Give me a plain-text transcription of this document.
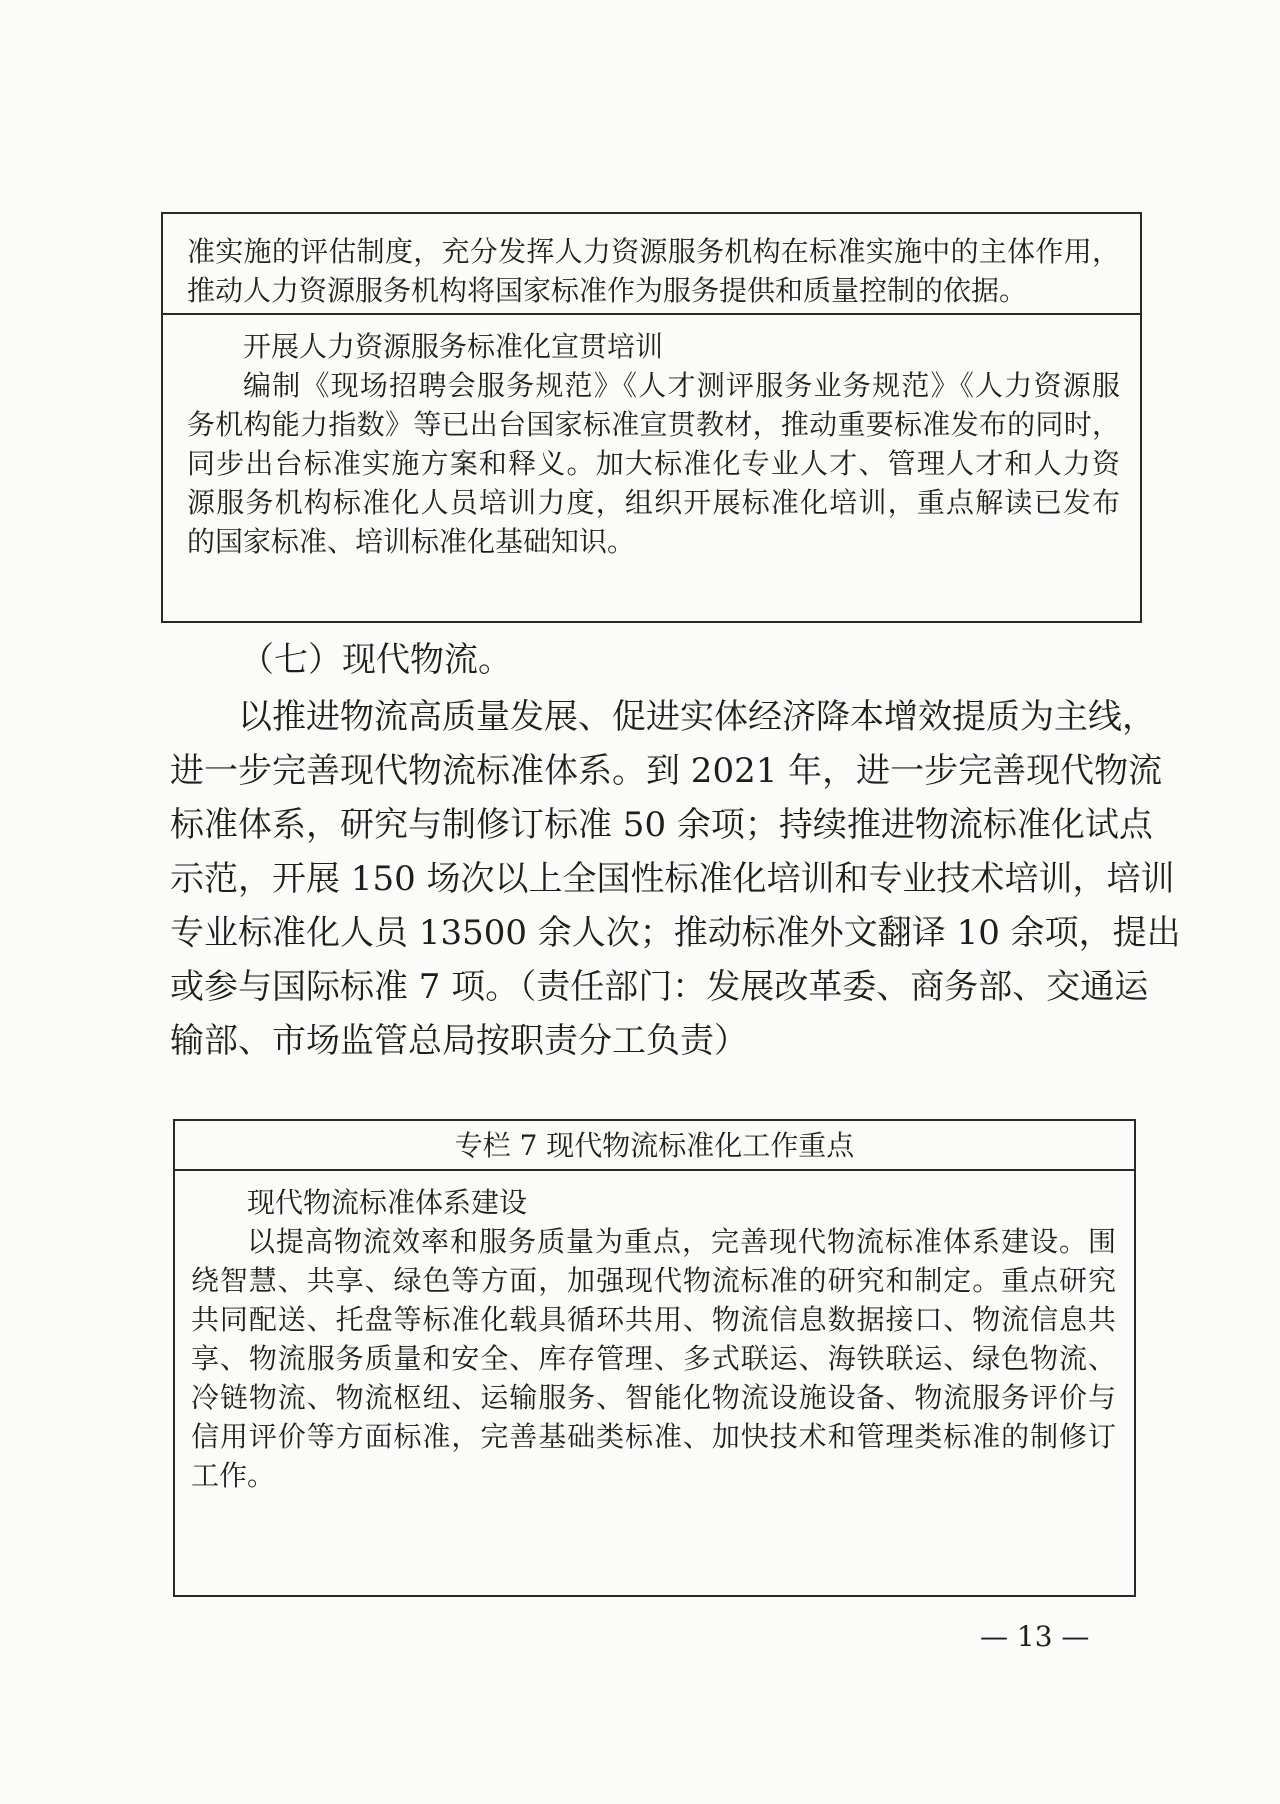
准实施的评估制度，充分发挥人力资源服务机构在标准实施中的主体作用，
推动人力资源服务机构将国家标准作为服务提供和质量控制的依据。
开展人力资源服务标准化宣贯培训
编制《现场招聘会服务规范》《人才测评服务业务规范》《人力资源服
务机构能力指数》等已出台国家标准宣贯教材，推动重要标准发布的同时，
同步出台标准实施方案和释义。加大标准化专业人才、管理人才和人力资
源服务机构标准化人员培训力度，组织开展标准化培训，重点解读已发布
的国家标准、培训标准化基础知识。
（七）现代物流。
以推进物流高质量发展、促进实体经济降本增效提质为主线，
进一步完善现代物流标准体系。到 2021 年，进一步完善现代物流
标准体系，研究与制修订标准 50 余项；持续推进物流标准化试点
示范，开展 150 场次以上全国性标准化培训和专业技术培训，培训
专业标准化人员 13500 余人次；推动标准外文翻译 10 余项，提出
或参与国际标准 7 项。（责任部门：发展改革委、商务部、交通运
输部、市场监管总局按职责分工负责）
专栏 7 现代物流标准化工作重点
现代物流标准体系建设
以提高物流效率和服务质量为重点，完善现代物流标准体系建设。围
绕智慧、共享、绿色等方面，加强现代物流标准的研究和制定。重点研究
共同配送、托盘等标准化载具循环共用、物流信息数据接口、物流信息共
享、物流服务质量和安全、库存管理、多式联运、海铁联运、绿色物流、
冷链物流、物流枢纽、运输服务、智能化物流设施设备、物流服务评价与
信用评价等方面标准，完善基础类标准、加快技术和管理类标准的制修订
工作。
— 13 —
